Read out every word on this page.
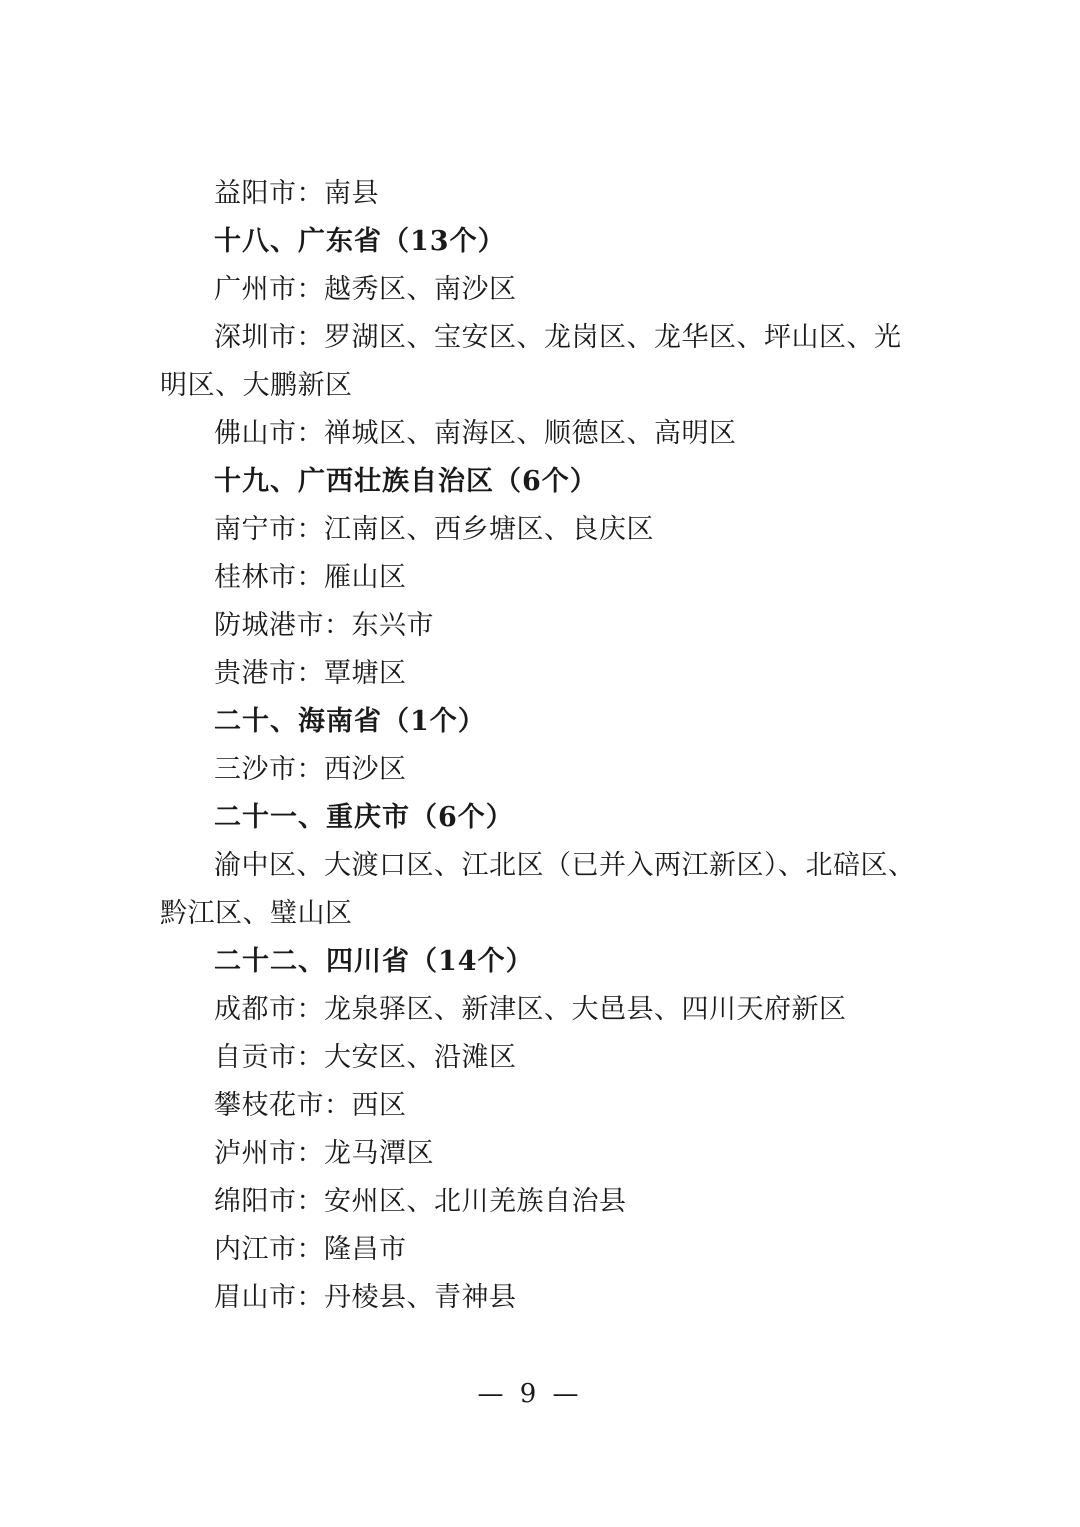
益阳市：南县

十八、广东省（13个）

广州市：越秀区、南沙区

深圳市：罗湖区、宝安区、龙岗区、龙华区、坪山区、光明区、大鹏新区

佛山市：禅城区、南海区、顺德区、高明区

十九、广西壮族自治区（6个）

南宁市：江南区、西乡塘区、良庆区

桂林市：雁山区

防城港市：东兴市

贵港市：覃塘区

二十、海南省（1个）

三沙市：西沙区

二十一、重庆市（6个）

渝中区、大渡口区、江北区（已并入两江新区）、北碚区、黔江区、璧山区

二十二、四川省（14个）

成都市：龙泉驿区、新津区、大邑县、四川天府新区

自贡市：大安区、沿滩区

攀枝花市：西区

泸州市：龙马潭区

绵阳市：安州区、北川羌族自治县

内江市：隆昌市

眉山市：丹棱县、青神县

— 9 —
